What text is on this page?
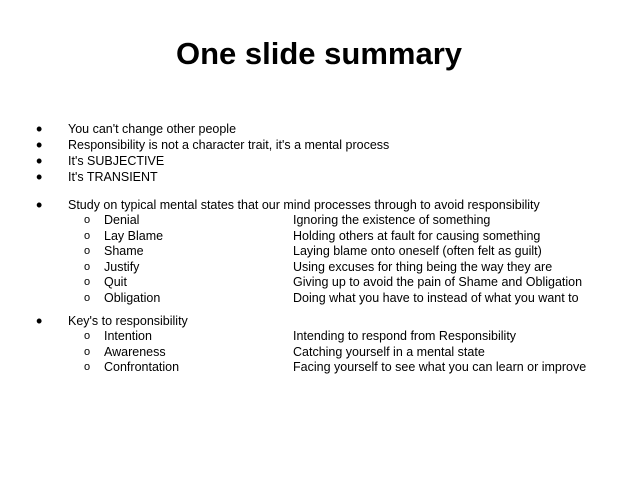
One slide summary
• You can't change other people
• Responsibility is not a character trait, it's a mental process
• It's SUBJECTIVE
• It's TRANSIENT
• Study on typical mental states that our mind processes through to avoid responsibility
o Denial	Ignoring the existence of something
o Lay Blame	Holding others at fault for causing something
o Shame	Laying blame onto oneself (often felt as guilt)
o Justify	Using excuses for thing being the way they are
o Quit	Giving up to avoid the pain of Shame and Obligation
o Obligation	Doing what you have to instead of what you want to
• Key's to responsibility
o Intention	Intending to respond from Responsibility
o Awareness	Catching yourself in a mental state
o Confrontation	Facing yourself to see what you can learn or improve
